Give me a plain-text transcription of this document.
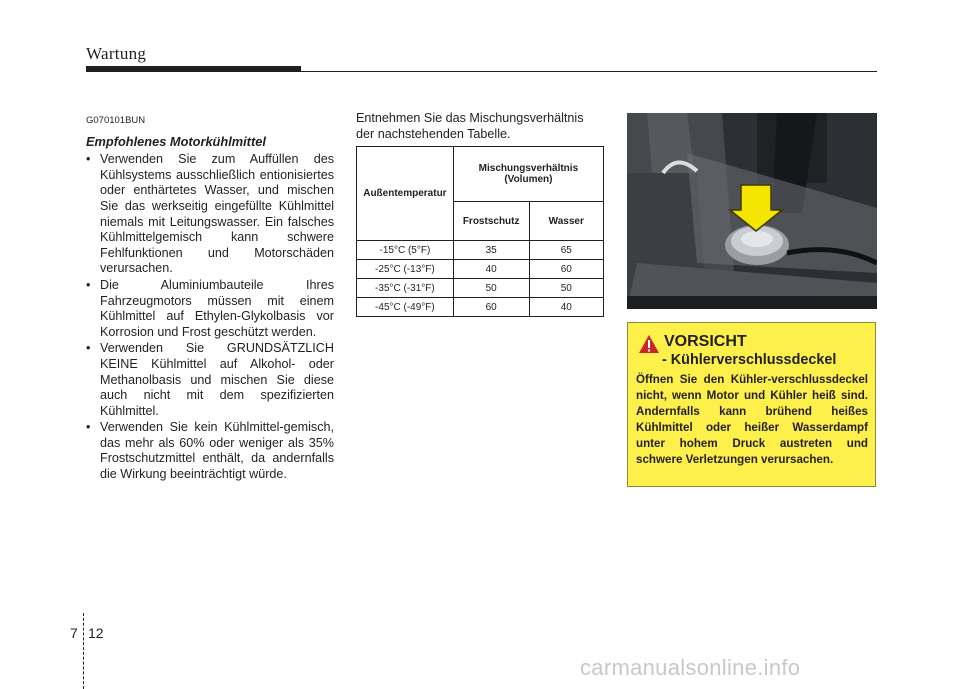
Wartung
G070101BUN
Empfohlenes Motorkühlmittel
• Verwenden Sie zum Auffüllen des Kühlsystems ausschließlich entionisiertes oder enthärtetes Wasser, und mischen Sie das werkseitig eingefüllte Kühlmittel niemals mit Leitungswasser. Ein falsches Kühlmittelgemisch kann schwere Fehlfunktionen und Motorschäden verursachen.
• Die Aluminiumbauteile Ihres Fahrzeugmotors müssen mit einem Kühlmittel auf Ethylen-Glykolbasis vor Korrosion und Frost geschützt werden.
• Verwenden Sie GRUNDSÄTZLICH KEINE Kühlmittel auf Alkohol- oder Methanolbasis und mischen Sie diese auch nicht mit dem spezifizierten Kühlmittel.
• Verwenden Sie kein Kühlmittel-gemisch, das mehr als 60% oder weniger als 35% Frostschutzmittel enthält, da andernfalls die Wirkung beeinträchtigt würde.
Entnehmen Sie das Mischungsverhältnis der nachstehenden Tabelle.
Außentemperatur	Mischungsverhältnis (Volumen)	
	Frostschutz	Wasser
-15°C (5°F)	35	65
-25°C (-13°F)	40	60
-35°C (-31°F)	50	50
-45°C (-49°F)	60	40	OBK079005
VORSICHT
- Kühlerverschlussdeckel
Öffnen Sie den Kühler-verschlussdeckel nicht, wenn Motor und Kühler heiß sind. Andernfalls kann brühend heißes Kühlmittel oder heißer Wasserdampf unter hohem Druck austreten und schwere Verletzungen verursachen.
7 12
carmanualsonline.info
